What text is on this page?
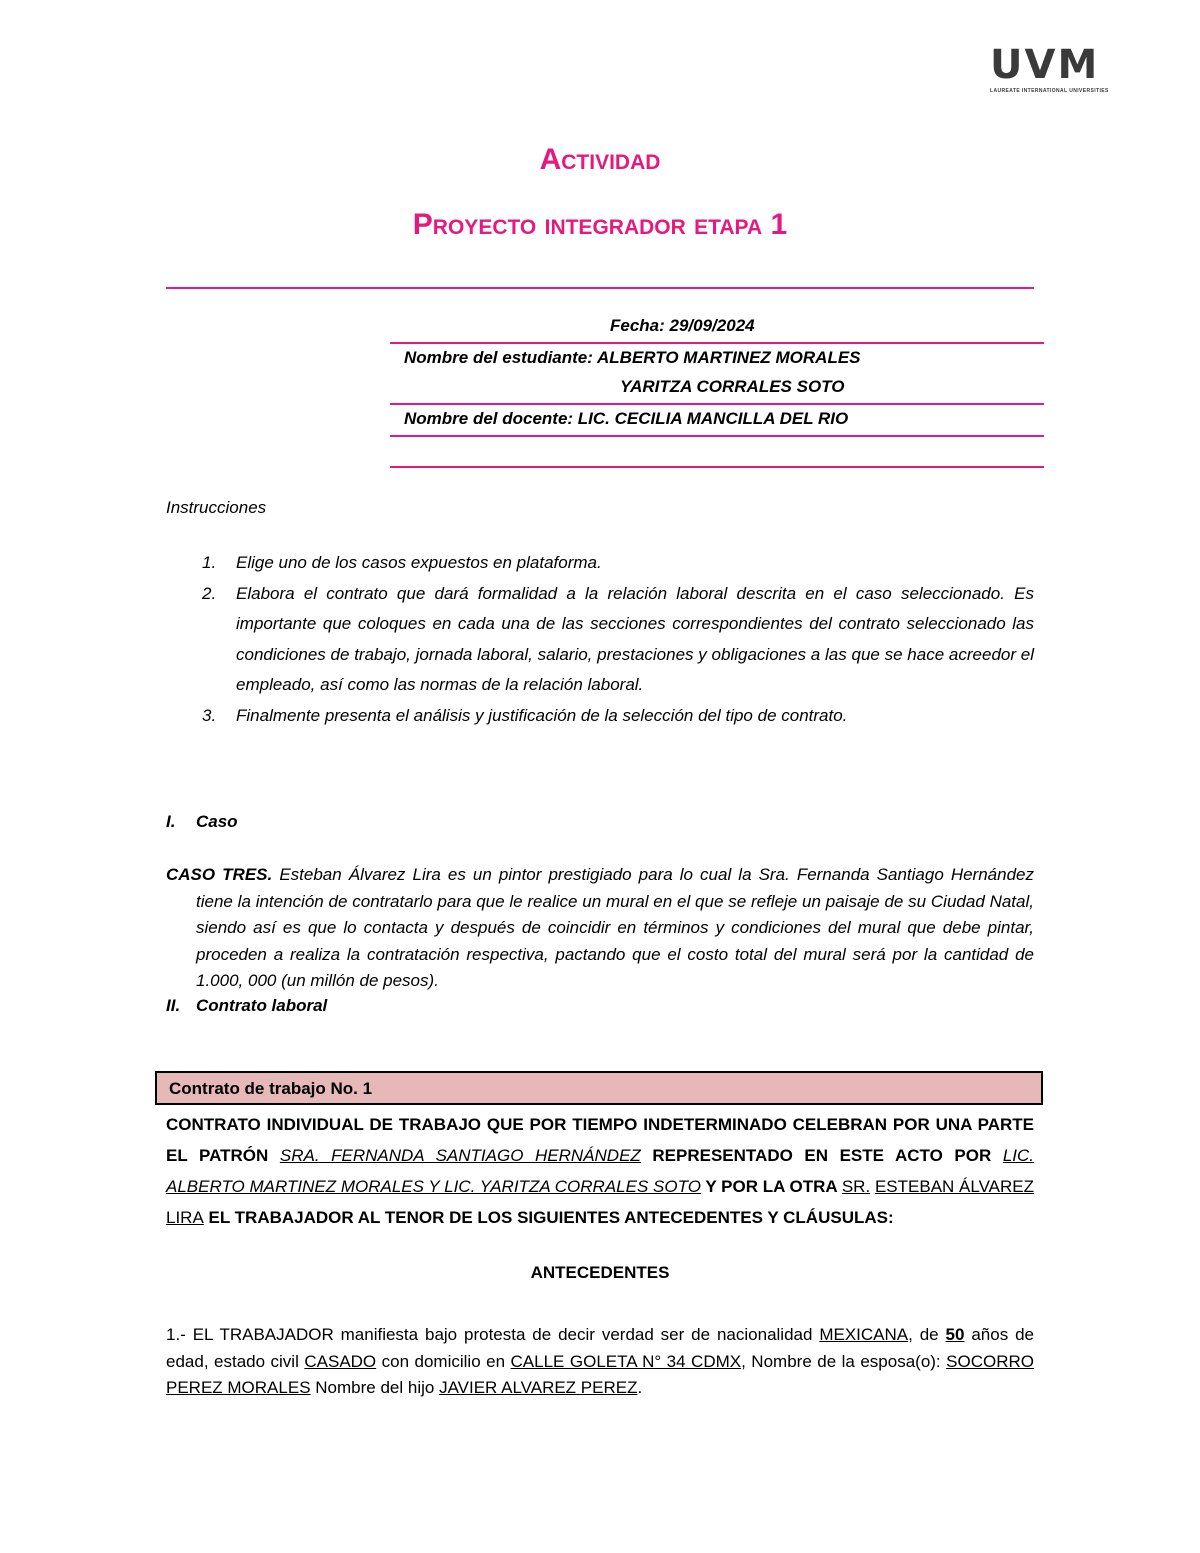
UVM
LAUREATE INTERNATIONAL UNIVERSITIES
Actividad
Proyecto integrador etapa 1
Fecha: 29/09/2024
Nombre del estudiante: ALBERTO MARTINEZ MORALES
YARITZA CORRALES SOTO
Nombre del docente: LIC. CECILIA MANCILLA DEL RIO
Instrucciones
1.	Elige uno de los casos expuestos en plataforma.
2.	Elabora el contrato que dará formalidad a la relación laboral descrita en el caso seleccionado. Es importante que coloques en cada una de las secciones correspondientes del contrato seleccionado las condiciones de trabajo, jornada laboral, salario, prestaciones y obligaciones a las que se hace acreedor el empleado, así como las normas de la relación laboral.
3.	Finalmente presenta el análisis y justificación de la selección del tipo de contrato.
I. Caso
CASO TRES. Esteban Álvarez Lira es un pintor prestigiado para lo cual la Sra. Fernanda Santiago Hernández tiene la intención de contratarlo para que le realice un mural en el que se refleje un paisaje de su Ciudad Natal, siendo así es que lo contacta y después de coincidir en términos y condiciones del mural que debe pintar, proceden a realiza la contratación respectiva, pactando que el costo total del mural será por la cantidad de 1.000, 000 (un millón de pesos).
II. Contrato laboral
Contrato de trabajo No. 1
CONTRATO INDIVIDUAL DE TRABAJO QUE POR TIEMPO INDETERMINADO CELEBRAN POR UNA PARTE EL PATRÓN SRA. FERNANDA SANTIAGO HERNÁNDEZ REPRESENTADO EN ESTE ACTO POR LIC. ALBERTO MARTINEZ MORALES Y LIC. YARITZA CORRALES SOTO Y POR LA OTRA SR. ESTEBAN ÁLVAREZ LIRA EL TRABAJADOR AL TENOR DE LOS SIGUIENTES ANTECEDENTES Y CLÁUSULAS:
ANTECEDENTES
1.- EL TRABAJADOR manifiesta bajo protesta de decir verdad ser de nacionalidad MEXICANA, de 50 años de edad, estado civil CASADO con domicilio en CALLE GOLETA N° 34 CDMX, Nombre de la esposa(o): SOCORRO PEREZ MORALES Nombre del hijo JAVIER ALVAREZ PEREZ.
